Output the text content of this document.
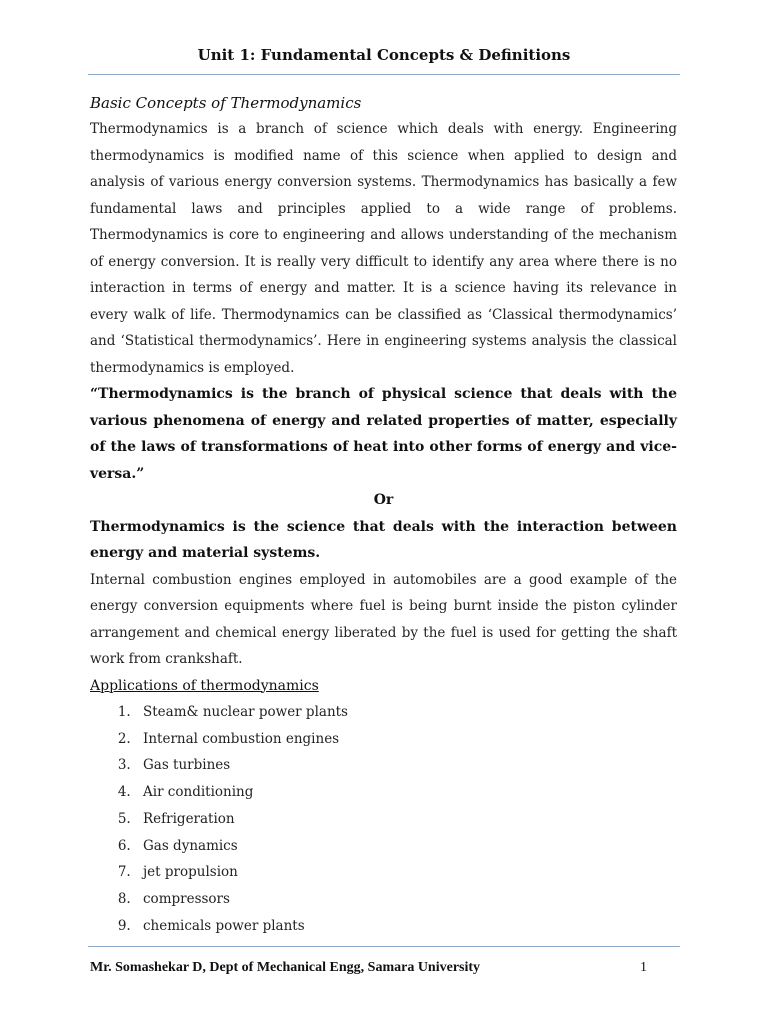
Unit 1: Fundamental Concepts & Definitions

Basic Concepts of Thermodynamics

Thermodynamics is a branch of science which deals with energy. Engineering thermodynamics is modified name of this science when applied to design and analysis of various energy conversion systems. Thermodynamics has basically a few fundamental laws and principles applied to a wide range of problems. Thermodynamics is core to engineering and allows understanding of the mechanism of energy conversion. It is really very difficult to identify any area where there is no interaction in terms of energy and matter. It is a science having its relevance in every walk of life. Thermodynamics can be classified as ‘Classical thermodynamics’ and ‘Statistical thermodynamics’. Here in engineering systems analysis the classical thermodynamics is employed.

“Thermodynamics is the branch of physical science that deals with the various phenomena of energy and related properties of matter, especially of the laws of transformations of heat into other forms of energy and vice-versa.”

Or

Thermodynamics is the science that deals with the interaction between energy and material systems.

Internal combustion engines employed in automobiles are a good example of the energy conversion equipments where fuel is being burnt inside the piston cylinder arrangement and chemical energy liberated by the fuel is used for getting the shaft work from crankshaft.

Applications of thermodynamics

1. Steam& nuclear power plants
2. Internal combustion engines
3. Gas turbines
4. Air conditioning
5. Refrigeration
6. Gas dynamics
7. jet propulsion
8. compressors
9. chemicals power plants
Mr. Somashekar D, Dept of Mechanical Engg, Samara University	1
